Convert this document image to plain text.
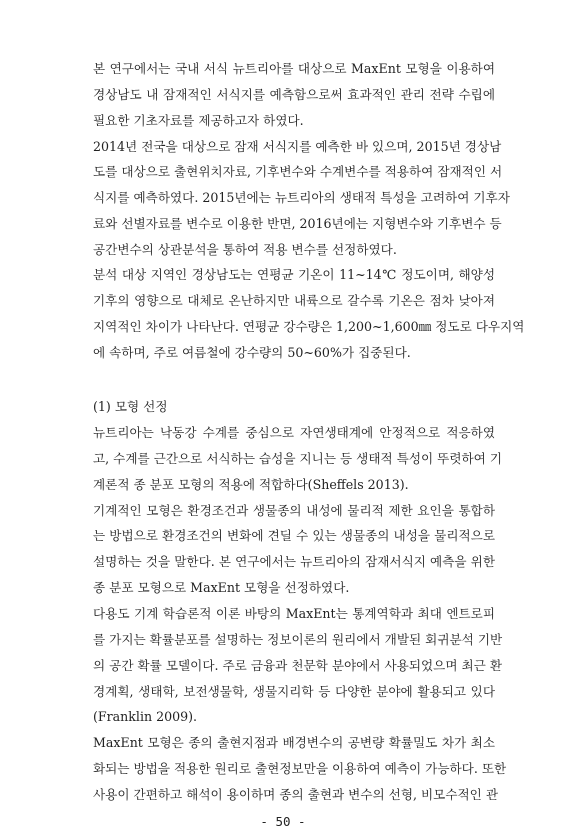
본 연구에서는 국내 서식 뉴트리아를 대상으로 MaxEnt 모형을 이용하여
경상남도 내 잠재적인 서식지를 예측함으로써 효과적인 관리 전략 수립에
필요한 기초자료를 제공하고자 하였다.
2014년 전국을 대상으로 잠재 서식지를 예측한 바 있으며, 2015년 경상남
도를 대상으로 출현위치자료, 기후변수와 수계변수를 적용하여 잠재적인 서
식지를 예측하였다. 2015년에는 뉴트리아의 생태적 특성을 고려하여 기후자
료와 선별자료를 변수로 이용한 반면, 2016년에는 지형변수와 기후변수 등
공간변수의 상관분석을 통하여 적용 변수를 선정하였다.
분석 대상 지역인 경상남도는 연평균 기온이 11~14℃ 정도이며, 해양성
기후의 영향으로 대체로 온난하지만 내륙으로 갈수록 기온은 점차 낮아져
지역적인 차이가 나타난다. 연평균 강수량은 1,200~1,600㎜ 정도로 다우지역
에 속하며, 주로 여름철에 강수량의 50~60%가 집중된다.
(1) 모형 선정
뉴트리아는 낙동강 수계를 중심으로 자연생태계에 안정적으로 적응하였
고, 수계를 근간으로 서식하는 습성을 지니는 등 생태적 특성이 뚜렷하여 기
계론적 종 분포 모형의 적용에 적합하다(Sheffels 2013).
기계적인 모형은 환경조건과 생물종의 내성에 물리적 제한 요인을 통합하
는 방법으로 환경조건의 변화에 견딜 수 있는 생물종의 내성을 물리적으로
설명하는 것을 말한다. 본 연구에서는 뉴트리아의 잠재서식지 예측을 위한
종 분포 모형으로 MaxEnt 모형을 선정하였다.
다용도 기계 학습론적 이론 바탕의 MaxEnt는 통계역학과 최대 엔트로피
를 가지는 확률분포를 설명하는 정보이론의 원리에서 개발된 회귀분석 기반
의 공간 확률 모델이다. 주로 금융과 천문학 분야에서 사용되었으며 최근 환
경계획, 생태학, 보전생물학, 생물지리학 등 다양한 분야에 활용되고 있다
(Franklin 2009).
MaxEnt 모형은 종의 출현지점과 배경변수의 공변량 확률밀도 차가 최소
화되는 방법을 적용한 원리로 출현정보만을 이용하여 예측이 가능하다. 또한
사용이 간편하고 해석이 용이하며 종의 출현과 변수의 선형, 비모수적인 관
- 50 -
